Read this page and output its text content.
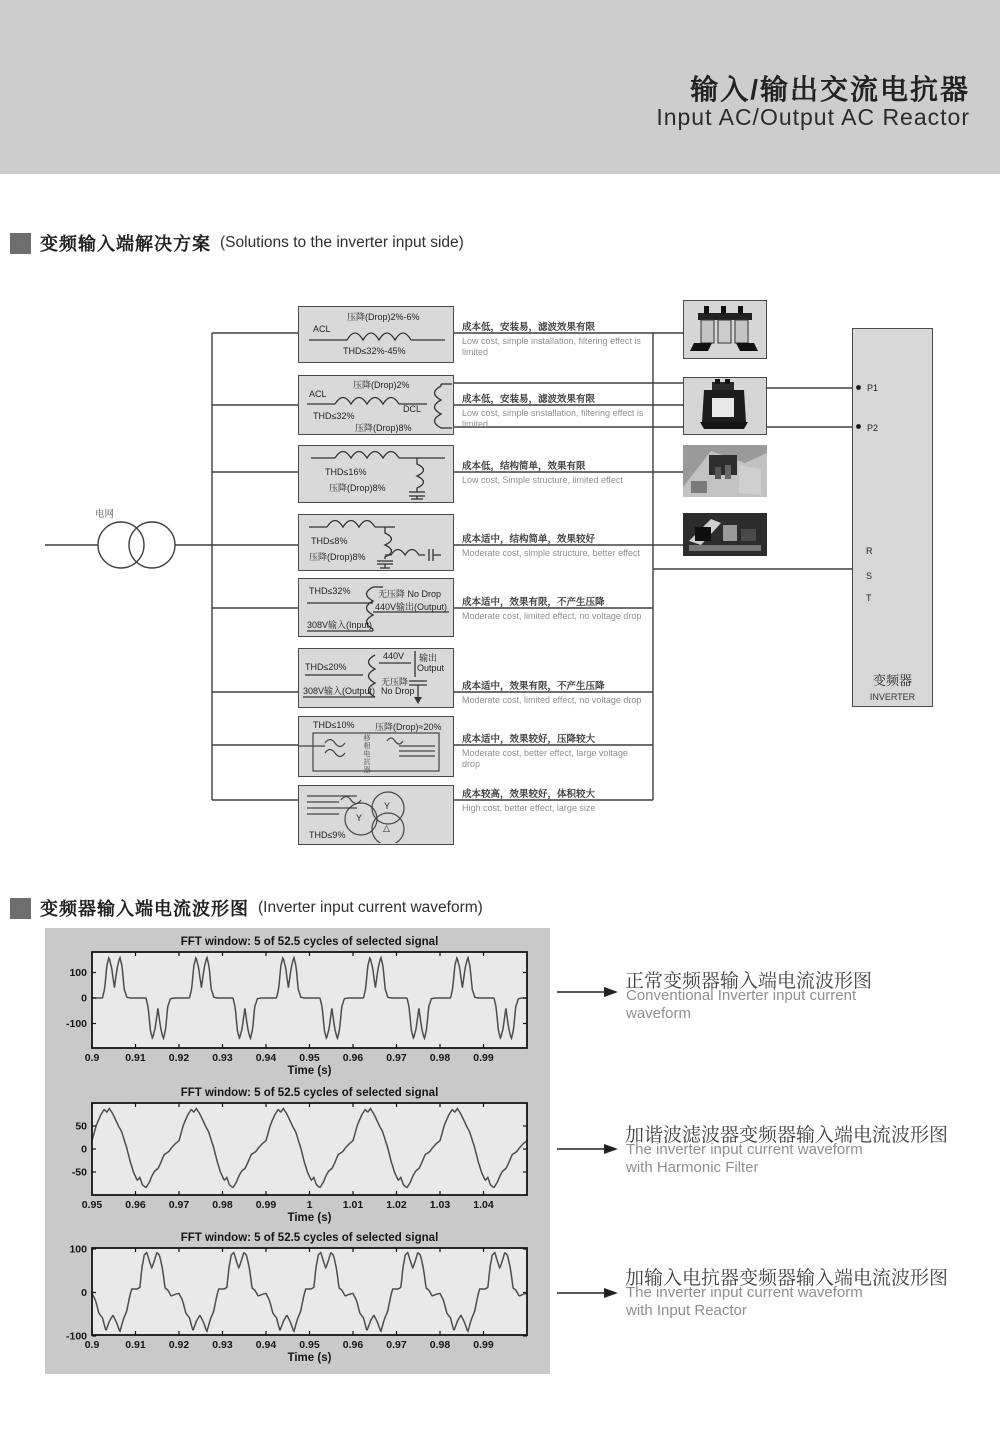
输入/输出交流电抗器
Input AC/Output AC Reactor
变频输入端解决方案 (Solutions to the inverter input side)
电网
压降(Drop)2%-6%
ACL
THD≤32%-45%
压降(Drop)2%
ACL
DCL
THD≤32%
压降(Drop)8%
THD≤16%
压降(Drop)8%
THD≤8%
压降(Drop)8%
THD≤32%	无压降 No Drop
440V输出(Output)
308V输入(Input)
THD≤20%
440V 输出
Output
无压降
No Drop
308V输入(Output)
THD≤10% 压降(Drop)≈20%
移相电抗器
Y
Y
△
THD≤9%
成本低，安装易，滤波效果有限
Low cost, simple installation, filtering effect is limited
成本低，安装易，滤波效果有限
Low cost, simple snstallation, filtering effect is limited
成本低，结构简单，效果有限
Low cost, Simple structure, limited effect
成本适中，结构简单，效果较好
Moderate cost, simple structure, better effect
成本适中，效果有限，不产生压降
Moderate cost, limited effect, no voltage drop
成本适中，效果有限，不产生压降
Moderate cost, limited effect, no voltage drop
成本适中，效果较好，压降较大
Moderate cost, better effect, large voltage drop
成本较高，效果较好，体积较大
High cost, better effect, large size
P1
P2
R
S
T
变频器
INVERTER
变频器输入端电流波形图 (Inverter input current waveform)
0.9 0.91 0.92 0.93 0.94 0.95 0.96 0.97 0.98 0.99
100
0
-100
FFT window: 5 of 52.5 cycles of selected signal
Time (s)
0.95 0.96 0.97 0.98 0.99	1	1.01 1.02 1.03 1.04
50
0
-50
FFT window: 5 of 52.5 cycles of selected signal
Time (s)
0.9 0.91 0.92 0.93 0.94 0.95 0.96 0.97 0.98 0.99
100
0
-100
FFT window: 5 of 52.5 cycles of selected signal
Time (s)
正常变频器输入端电流波形图
Conventional Inverter input current
waveform
加谐波滤波器变频器输入端电流波形图
The inverter input current waveform
with Harmonic Filter
加输入电抗器变频器输入端电流波形图
The inverter input current waveform
with Input Reactor
